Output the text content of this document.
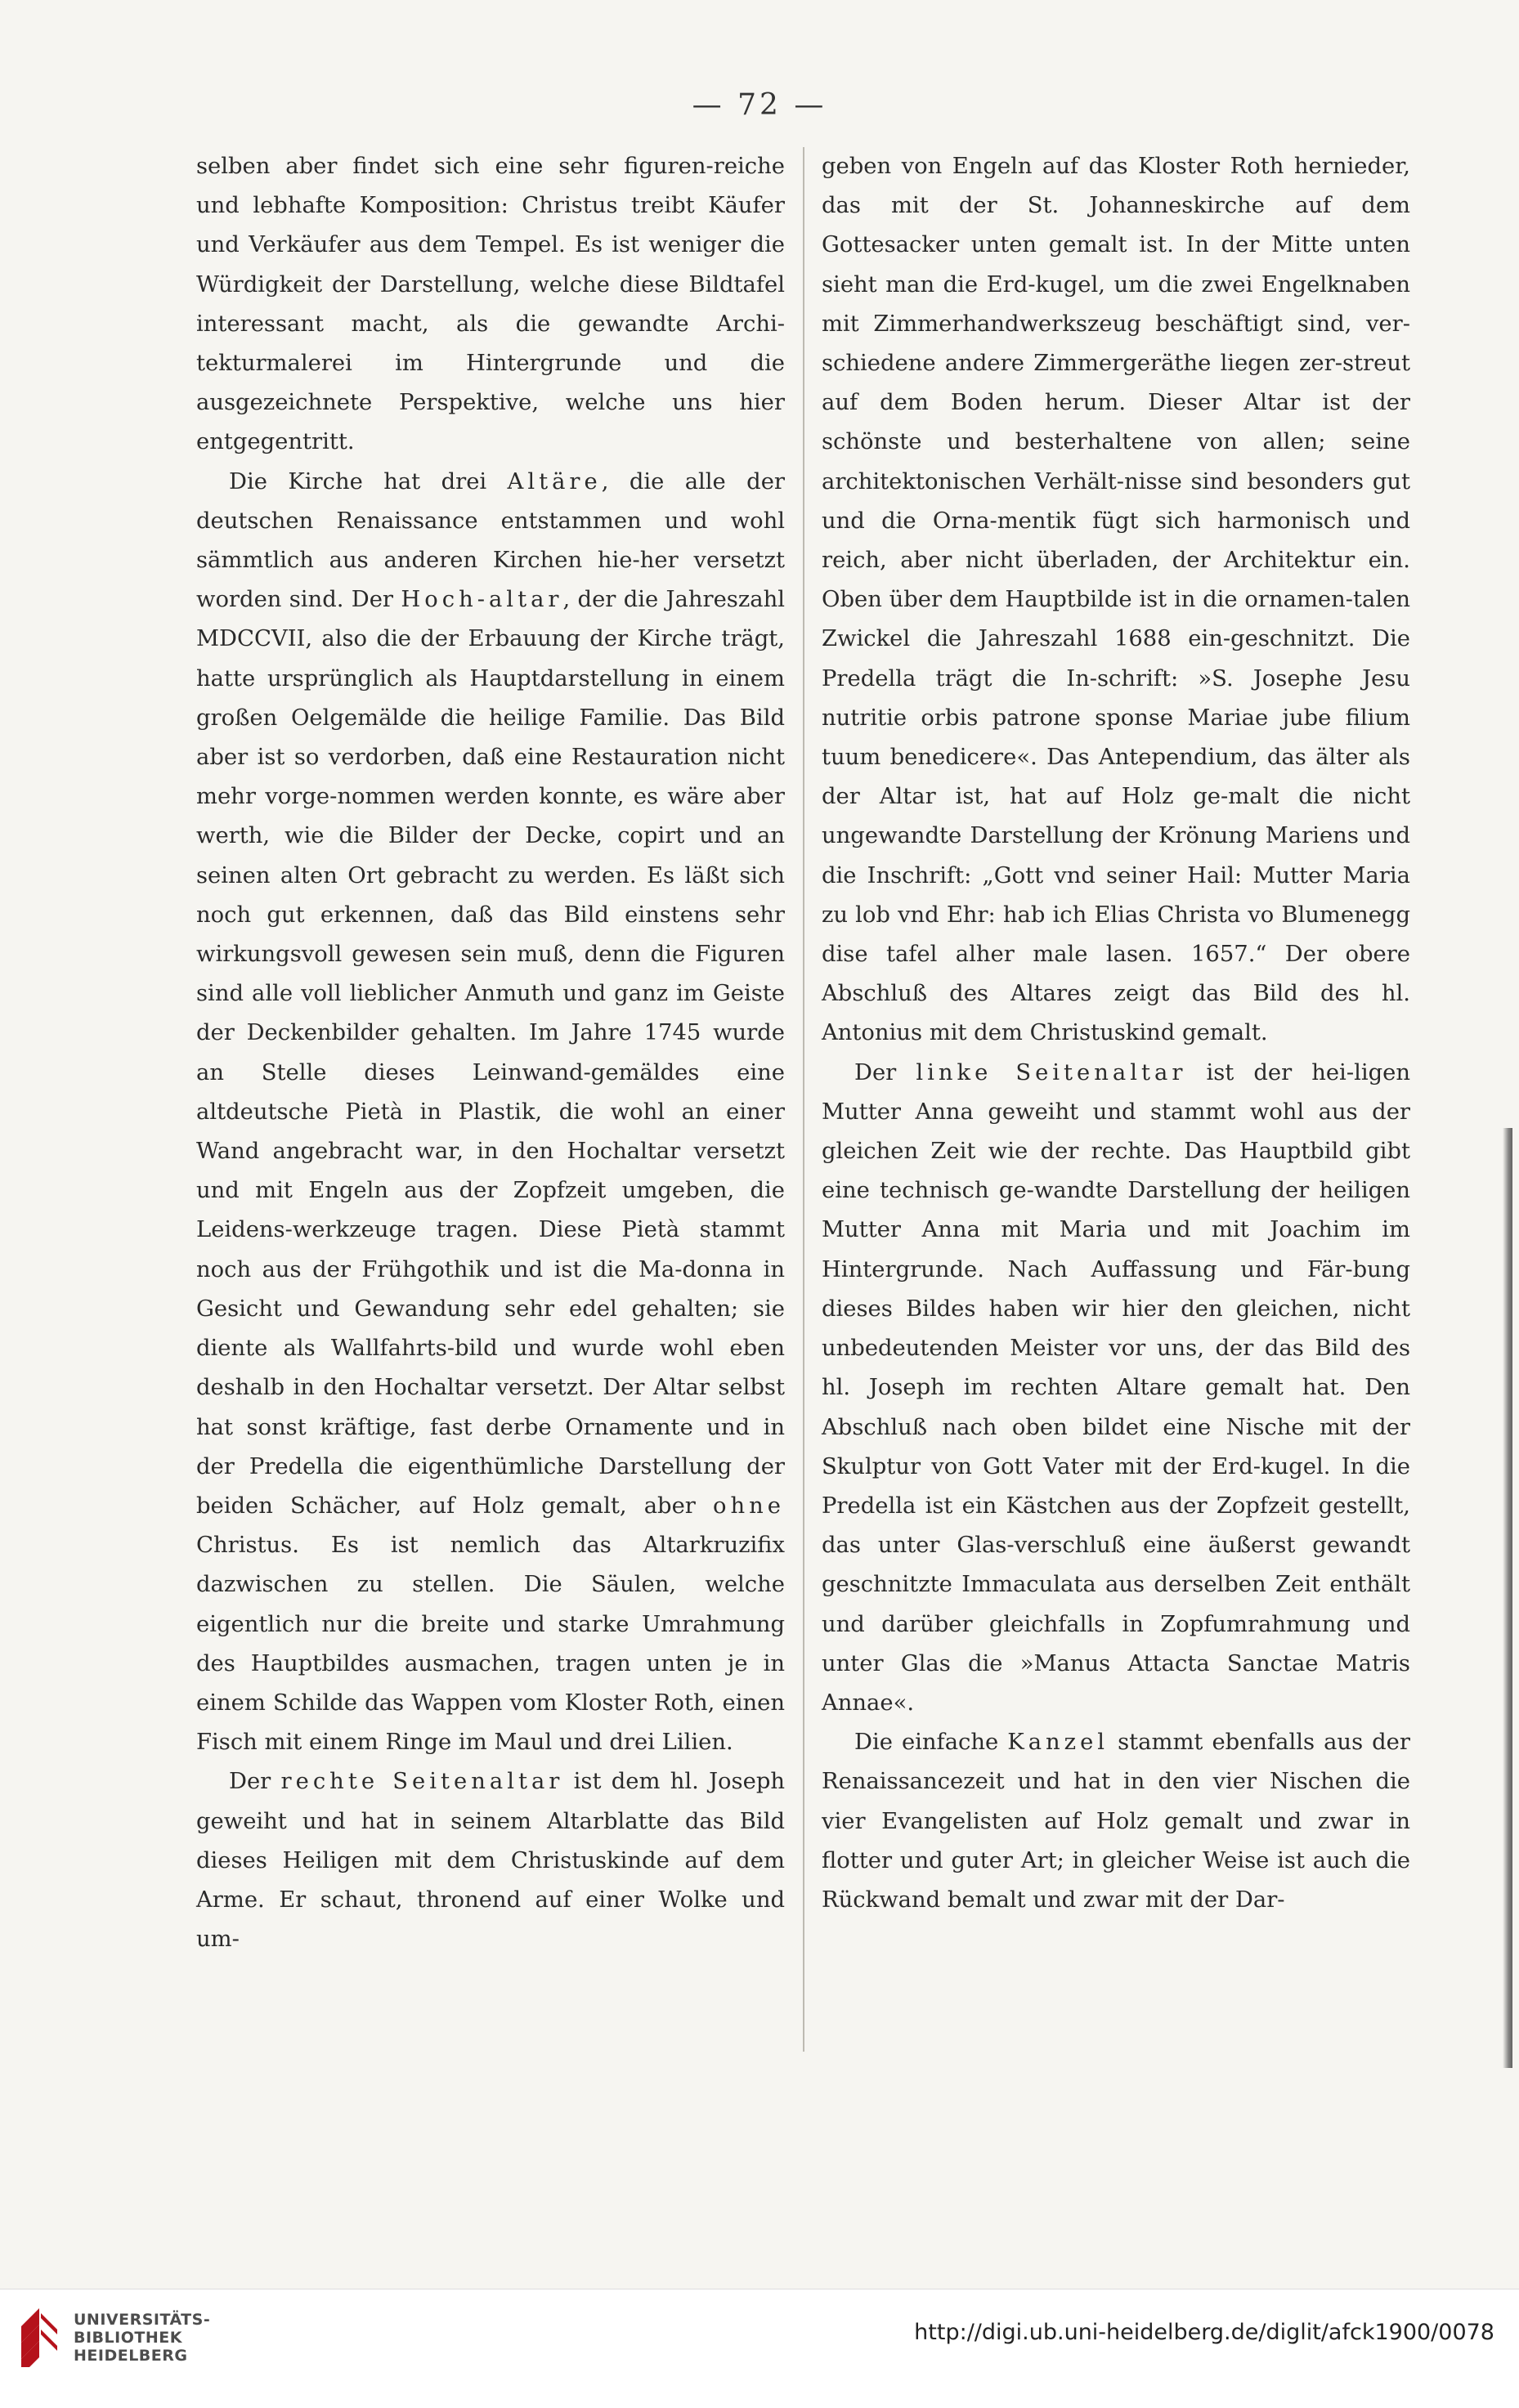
— 72 —

selben aber findet sich eine sehr figuren-reiche und lebhafte Komposition: Christus treibt Käufer und Verkäufer aus dem Tempel. Es ist weniger die Würdigkeit der Darstellung, welche diese Bildtafel interessant macht, als die gewandte Archi-tekturmalerei im Hintergrunde und die ausgezeichnete Perspektive, welche uns hier entgegentritt.

Die Kirche hat drei Altäre, die alle der deutschen Renaissance entstammen und wohl sämmtlich aus anderen Kirchen hie-her versetzt worden sind. Der Hoch-altar, der die Jahreszahl MDCCVII, also die der Erbauung der Kirche trägt, hatte ursprünglich als Hauptdarstellung in einem großen Oelgemälde die heilige Familie. Das Bild aber ist so verdorben, daß eine Restauration nicht mehr vorge-nommen werden konnte, es wäre aber werth, wie die Bilder der Decke, copirt und an seinen alten Ort gebracht zu werden. Es läßt sich noch gut erkennen, daß das Bild einstens sehr wirkungsvoll gewesen sein muß, denn die Figuren sind alle voll lieblicher Anmuth und ganz im Geiste der Deckenbilder gehalten. Im Jahre 1745 wurde an Stelle dieses Leinwand-gemäldes eine altdeutsche Pietà in Plastik, die wohl an einer Wand angebracht war, in den Hochaltar versetzt und mit Engeln aus der Zopfzeit umgeben, die Leidens-werkzeuge tragen. Diese Pietà stammt noch aus der Frühgothik und ist die Ma-donna in Gesicht und Gewandung sehr edel gehalten; sie diente als Wallfahrts-bild und wurde wohl eben deshalb in den Hochaltar versetzt. Der Altar selbst hat sonst kräftige, fast derbe Ornamente und in der Predella die eigenthümliche Darstellung der beiden Schächer, auf Holz gemalt, aber ohne Christus. Es ist nemlich das Altarkruzifix dazwischen zu stellen. Die Säulen, welche eigentlich nur die breite und starke Umrahmung des Hauptbildes ausmachen, tragen unten je in einem Schilde das Wappen vom Kloster Roth, einen Fisch mit einem Ringe im Maul und drei Lilien.

Der rechte Seitenaltar ist dem hl. Joseph geweiht und hat in seinem Altarblatte das Bild dieses Heiligen mit dem Christuskinde auf dem Arme. Er schaut, thronend auf einer Wolke und um-

geben von Engeln auf das Kloster Roth hernieder, das mit der St. Johanneskirche auf dem Gottesacker unten gemalt ist. In der Mitte unten sieht man die Erd-kugel, um die zwei Engelknaben mit Zimmerhandwerkszeug beschäftigt sind, ver-schiedene andere Zimmergeräthe liegen zer-streut auf dem Boden herum. Dieser Altar ist der schönste und besterhaltene von allen; seine architektonischen Verhält-nisse sind besonders gut und die Orna-mentik fügt sich harmonisch und reich, aber nicht überladen, der Architektur ein. Oben über dem Hauptbilde ist in die ornamen-talen Zwickel die Jahreszahl 1688 ein-geschnitzt. Die Predella trägt die In-schrift: »S. Josephe Jesu nutritie orbis patrone sponse Mariae jube filium tuum benedicere«. Das Antependium, das älter als der Altar ist, hat auf Holz ge-malt die nicht ungewandte Darstellung der Krönung Mariens und die Inschrift: „Gott vnd seiner Hail: Mutter Maria zu lob vnd Ehr: hab ich Elias Christa vo Blumenegg dise tafel alher male lasen. 1657.“ Der obere Abschluß des Altares zeigt das Bild des hl. Antonius mit dem Christuskind gemalt.

Der linke Seitenaltar ist der hei-ligen Mutter Anna geweiht und stammt wohl aus der gleichen Zeit wie der rechte. Das Hauptbild gibt eine technisch ge-wandte Darstellung der heiligen Mutter Anna mit Maria und mit Joachim im Hintergrunde. Nach Auffassung und Fär-bung dieses Bildes haben wir hier den gleichen, nicht unbedeutenden Meister vor uns, der das Bild des hl. Joseph im rechten Altare gemalt hat. Den Abschluß nach oben bildet eine Nische mit der Skulptur von Gott Vater mit der Erd-kugel. In die Predella ist ein Kästchen aus der Zopfzeit gestellt, das unter Glas-verschluß eine äußerst gewandt geschnitzte Immaculata aus derselben Zeit enthält und darüber gleichfalls in Zopfumrahmung und unter Glas die »Manus Attacta Sanctae Matris Annae«.

Die einfache Kanzel stammt ebenfalls aus der Renaissancezeit und hat in den vier Nischen die vier Evangelisten auf Holz gemalt und zwar in flotter und guter Art; in gleicher Weise ist auch die Rückwand bemalt und zwar mit der Dar-

UNIVERSITÄTS-
BIBLIOTHEK
HEIDELBERG
http://digi.ub.uni-heidelberg.de/diglit/afck1900/0078
